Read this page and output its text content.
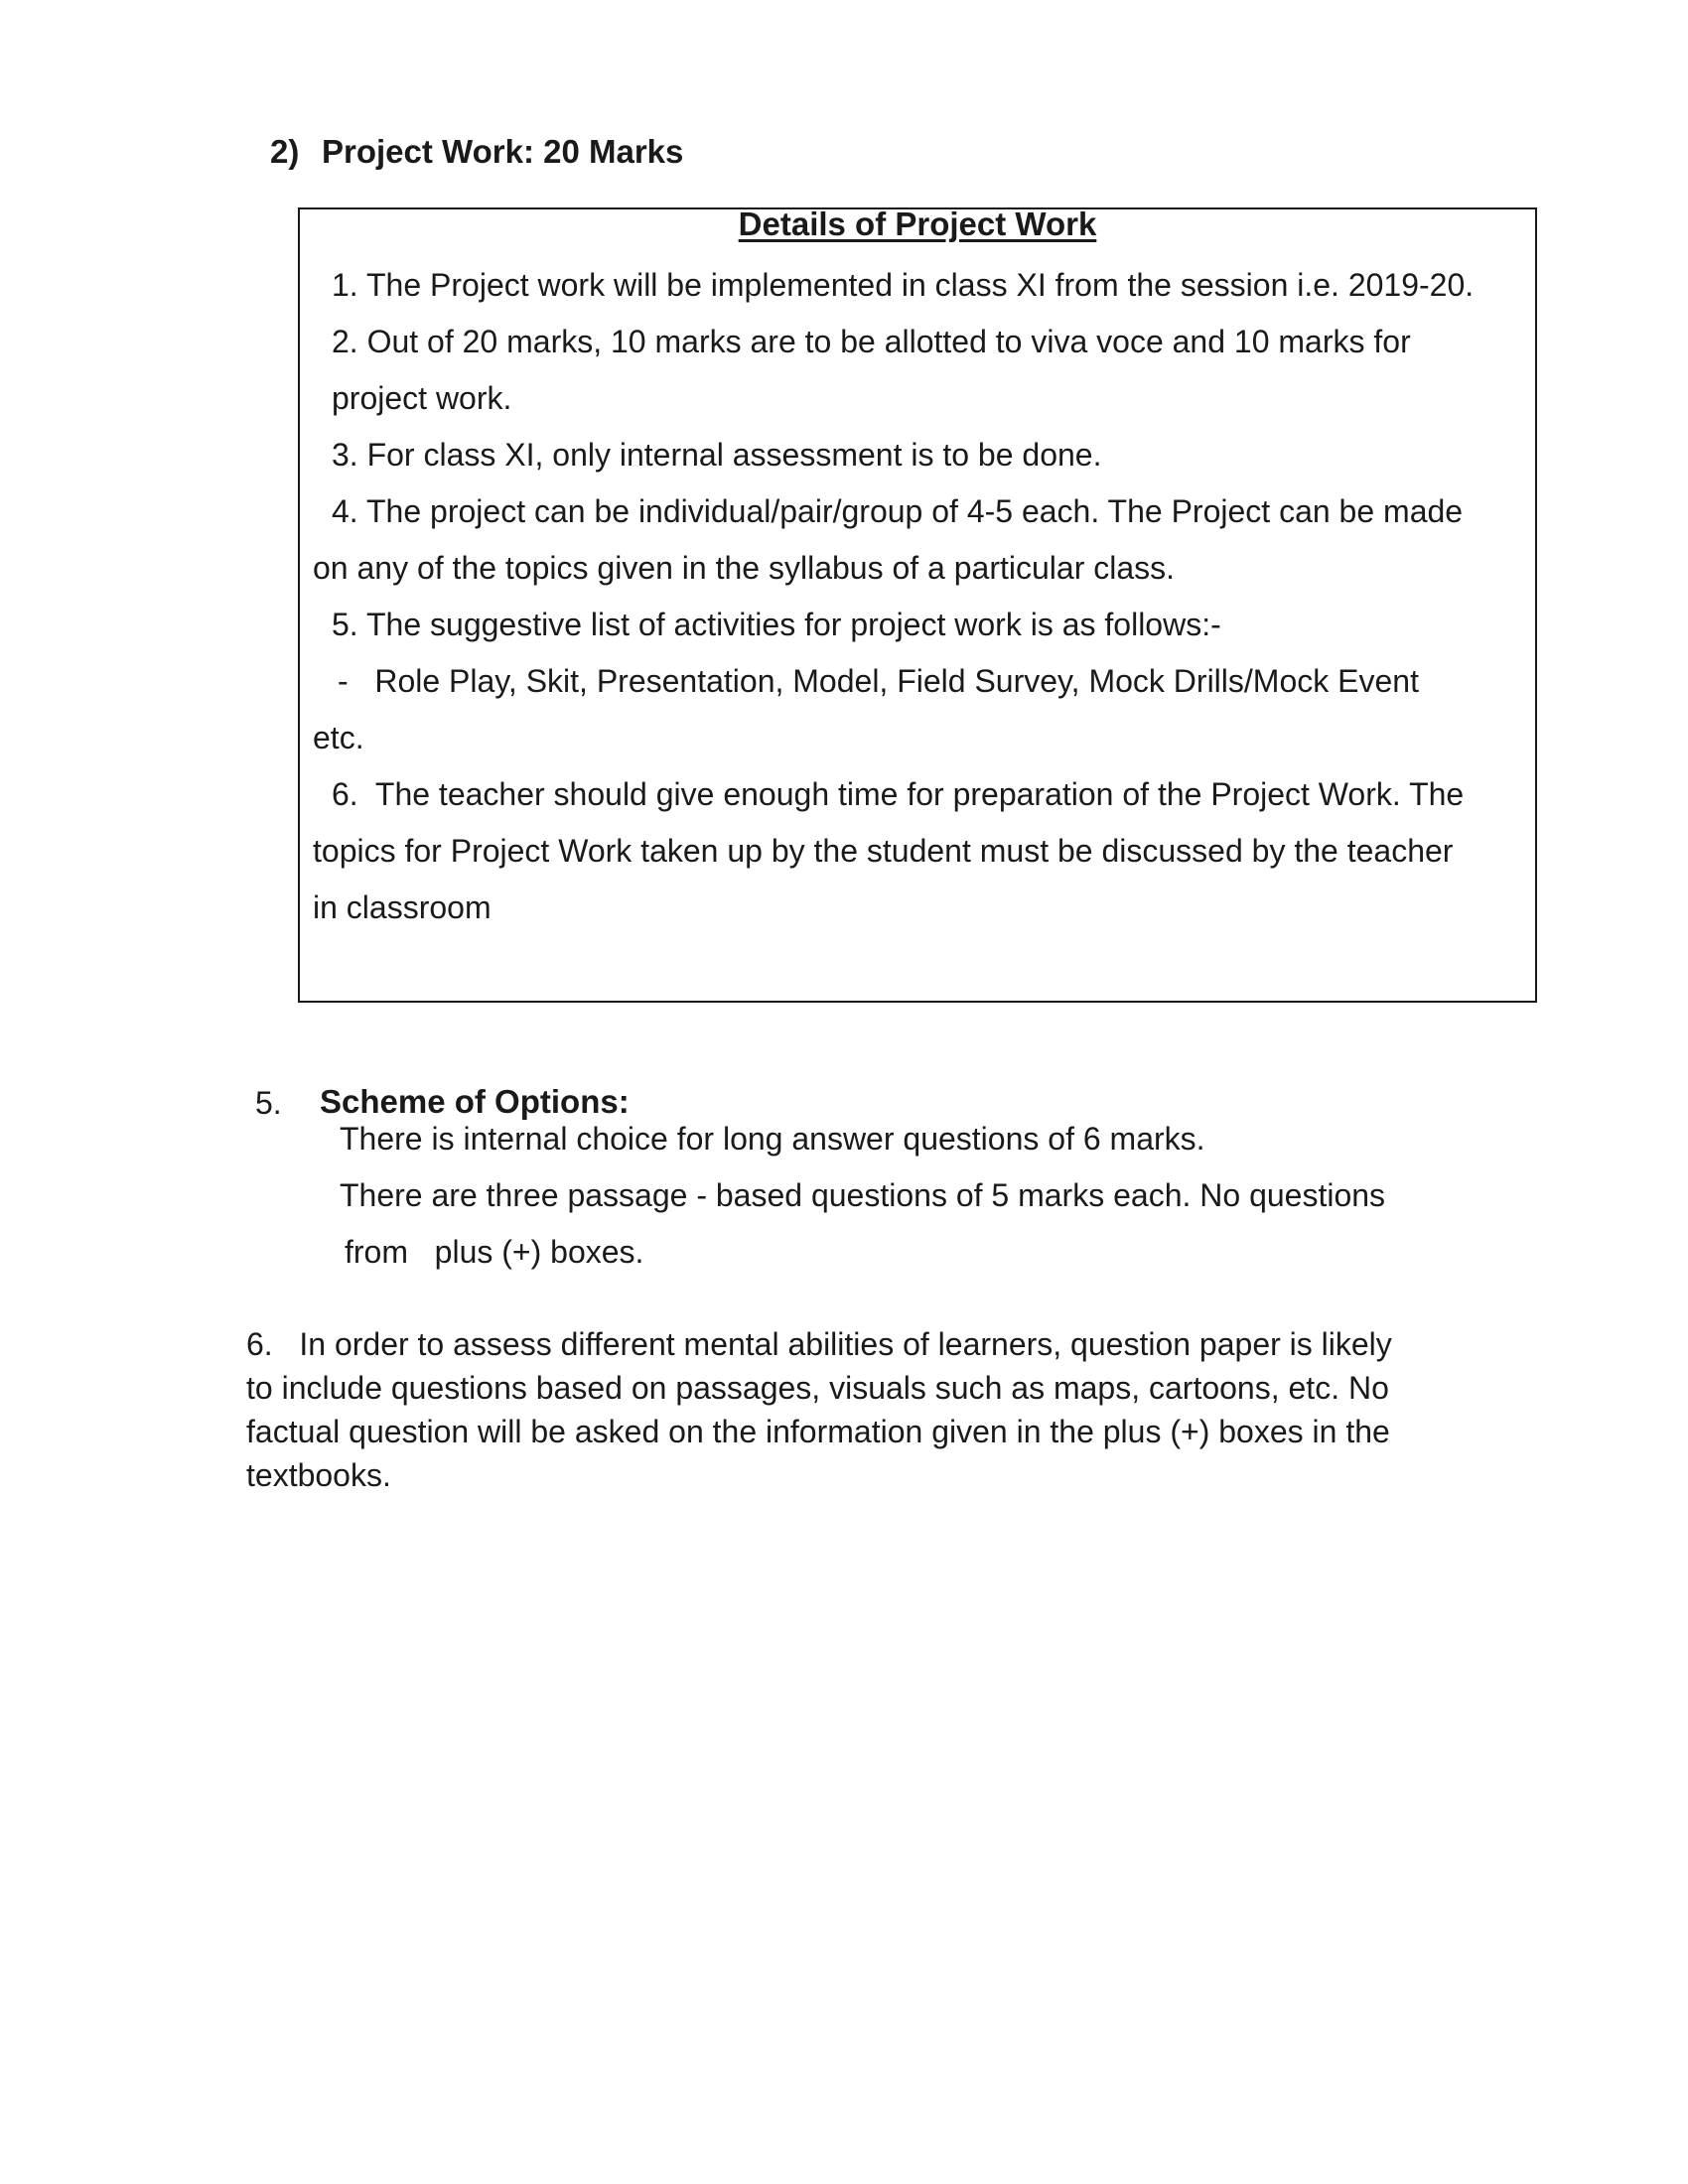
2) Project Work: 20 Marks
Details of Project Work
1. The Project work will be implemented in class XI from the session i.e. 2019-20.
2. Out of 20 marks, 10 marks are to be allotted to viva voce and 10 marks for
project work.
3. For class XI, only internal assessment is to be done.
4. The project can be individual/pair/group of 4-5 each. The Project can be made
on any of the topics given in the syllabus of a particular class.
5. The suggestive list of activities for project work is as follows:-
-   Role Play, Skit, Presentation, Model, Field Survey, Mock Drills/Mock Event
etc.
6.  The teacher should give enough time for preparation of the Project Work. The
topics for Project Work taken up by the student must be discussed by the teacher
in classroom
5. Scheme of Options:
There is internal choice for long answer questions of 6 marks.
There are three passage - based questions of 5 marks each. No questions
from   plus (+) boxes.
6.   In order to assess different mental abilities of learners, question paper is likely
to include questions based on passages, visuals such as maps, cartoons, etc. No
factual question will be asked on the information given in the plus (+) boxes in the
textbooks.
